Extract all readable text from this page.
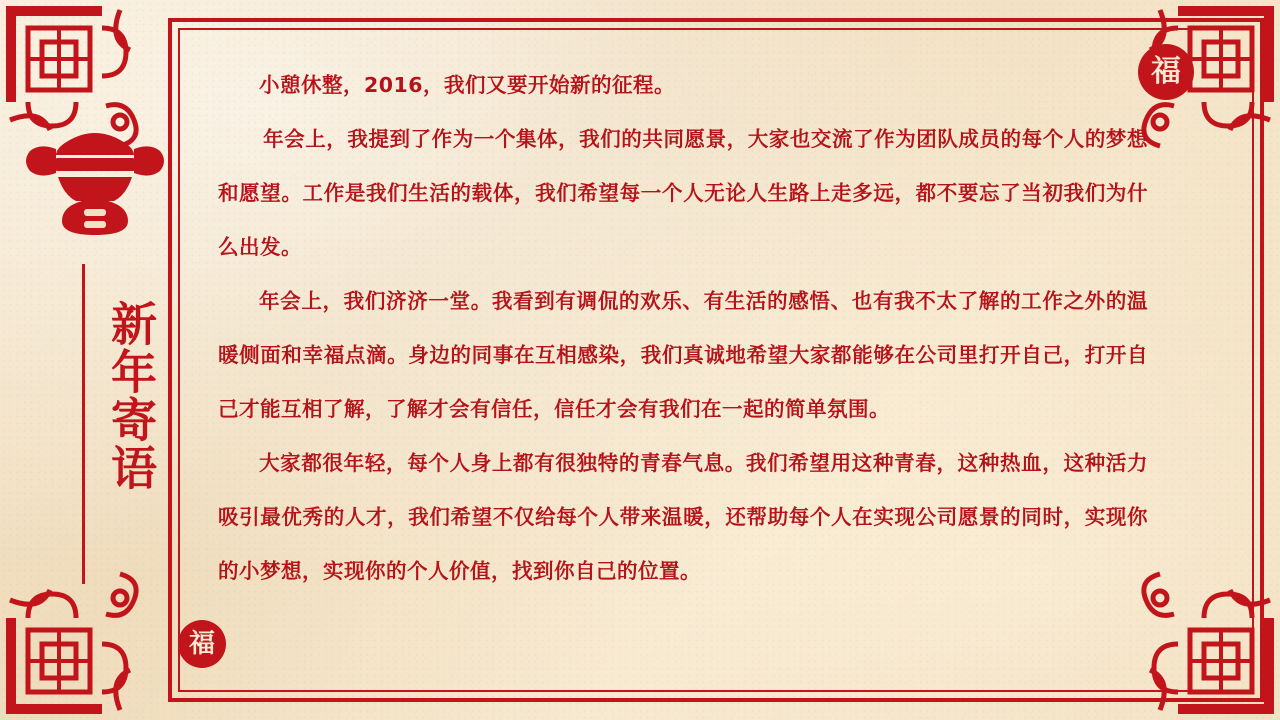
新年寄语
福
福

小憩休整，2016，我们又要开始新的征程。

年会上，我提到了作为一个集体，我们的共同愿景，大家也交流了作为团队成员的每个人的梦想和愿望。工作是我们生活的载体，我们希望每一个人无论人生路上走多远，都不要忘了当初我们为什么出发。

年会上，我们济济一堂。我看到有调侃的欢乐、有生活的感悟、也有我不太了解的工作之外的温暖侧面和幸福点滴。身边的同事在互相感染，我们真诚地希望大家都能够在公司里打开自己，打开自己才能互相了解，了解才会有信任，信任才会有我们在一起的简单氛围。

大家都很年轻，每个人身上都有很独特的青春气息。我们希望用这种青春，这种热血，这种活力吸引最优秀的人才，我们希望不仅给每个人带来温暖，还帮助每个人在实现公司愿景的同时，实现你的小梦想，实现你的个人价值，找到你自己的位置。
